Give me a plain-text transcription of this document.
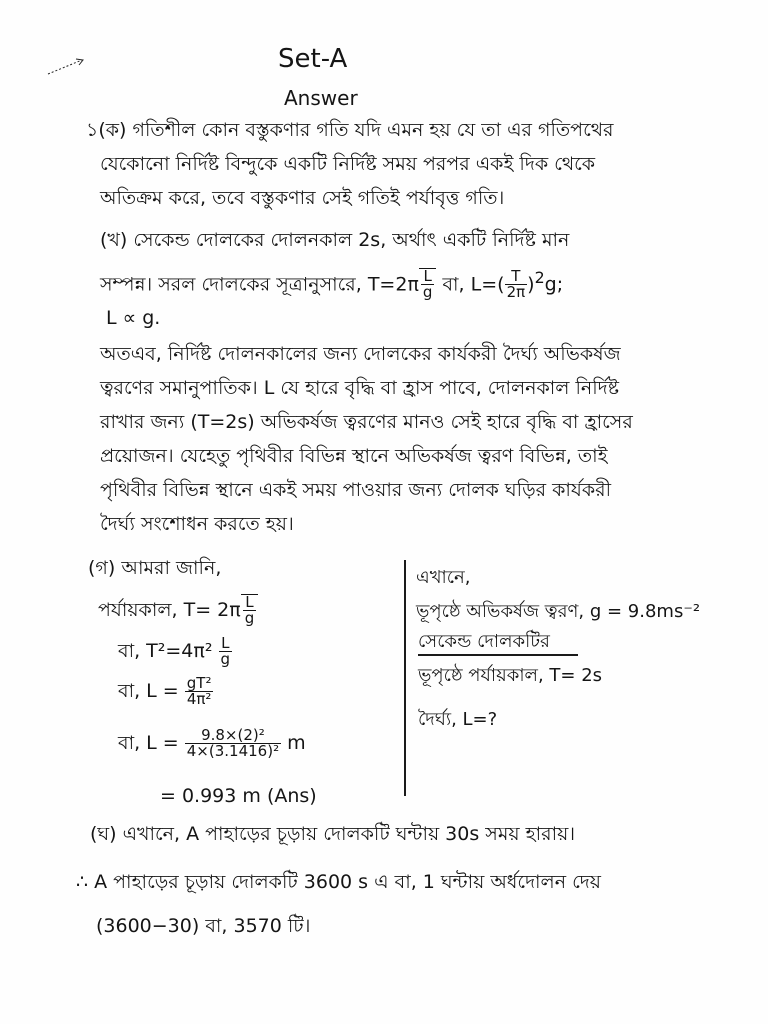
Set-A
Answer
১(ক) গতিশীল কোন বস্তুকণার গতি যদি এমন হয় যে তা এর গতিপথের
যেকোনো নির্দিষ্ট বিন্দুকে একটি নির্দিষ্ট সময় পরপর একই দিক থেকে
অতিক্রম করে, তবে বস্তুকণার সেই গতিই পর্যাবৃত্ত গতি।
(খ) সেকেন্ড দোলকের দোলনকাল 2s, অর্থাৎ একটি নির্দিষ্ট মান
সম্পন্ন। সরল দোলকের সূত্রানুসারে, $T=2\pi \frac{L}{g}$ বা, $L=( \frac{T}{2\pi} )^2g$;
L ∝ g.
অতএব, নির্দিষ্ট দোলনকালের জন্য দোলকের কার্যকরী দৈর্ঘ্য অভিকর্ষজ
ত্বরণের সমানুপাতিক। L যে হারে বৃদ্ধি বা হ্রাস পাবে, দোলনকাল নির্দিষ্ট
রাখার জন্য (T=2s) অভিকর্ষজ ত্বরণের মানও সেই হারে বৃদ্ধি বা হ্রাসের
প্রয়োজন। যেহেতু পৃথিবীর বিভিন্ন স্থানে অভিকর্ষজ ত্বরণ বিভিন্ন, তাই
পৃথিবীর বিভিন্ন স্থানে একই সময় পাওয়ার জন্য দোলক ঘড়ির কার্যকরী
দৈর্ঘ্য সংশোধন করতে হয়।
(গ) আমরা জানি,
পর্যায়কাল, $T= 2\pi \frac{L}{g}$
বা, $T^2=4\pi^2 \frac{L}{g}$
বা, $L = \frac{\text{gT²}}{\text{4π²}}$
বা, $L = \frac{\text{9.8×(2)²}}{\text{4×(3.1416)²}}$ m
= 0.993 m (Ans)
এখানে,
ভূপৃষ্ঠে অভিকর্ষজ ত্বরণ, g = 9.8ms⁻²
সেকেন্ড দোলকটির
ভূপৃষ্ঠে পর্যায়কাল, T= 2s
দৈর্ঘ্য, L=?
(ঘ) এখানে, A পাহাড়ের চূড়ায় দোলকটি ঘন্টায় 30s সময় হারায়।
∴ A পাহাড়ের চূড়ায় দোলকটি 3600 s এ বা, 1 ঘন্টায় অর্ধদোলন দেয়
(3600−30) বা, 3570 টি।
